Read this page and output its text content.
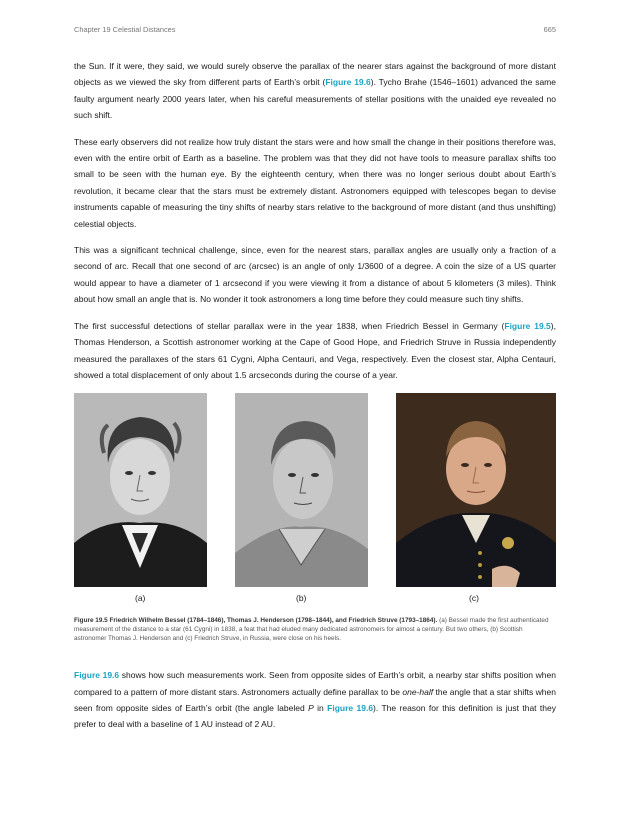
Chapter 19 Celestial Distances	665

the Sun. If it were, they said, we would surely observe the parallax of the nearer stars against the background of more distant objects as we viewed the sky from different parts of Earth’s orbit (Figure 19.6). Tycho Brahe (1546–1601) advanced the same faulty argument nearly 2000 years later, when his careful measurements of stellar positions with the unaided eye revealed no such shift.

These early observers did not realize how truly distant the stars were and how small the change in their positions therefore was, even with the entire orbit of Earth as a baseline. The problem was that they did not have tools to measure parallax shifts too small to be seen with the human eye. By the eighteenth century, when there was no longer serious doubt about Earth’s revolution, it became clear that the stars must be extremely distant. Astronomers equipped with telescopes began to devise instruments capable of measuring the tiny shifts of nearby stars relative to the background of more distant (and thus unshifting) celestial objects.

This was a significant technical challenge, since, even for the nearest stars, parallax angles are usually only a fraction of a second of arc. Recall that one second of arc (arcsec) is an angle of only 1/3600 of a degree. A coin the size of a US quarter would appear to have a diameter of 1 arcsecond if you were viewing it from a distance of about 5 kilometers (3 miles). Think about how small an angle that is. No wonder it took astronomers a long time before they could measure such tiny shifts.

The first successful detections of stellar parallax were in the year 1838, when Friedrich Bessel in Germany (Figure 19.5), Thomas Henderson, a Scottish astronomer working at the Cape of Good Hope, and Friedrich Struve in Russia independently measured the parallaxes of the stars 61 Cygni, Alpha Centauri, and Vega, respectively. Even the closest star, Alpha Centauri, showed a total displacement of only about 1.5 arcseconds during the course of a year.

(a)	(b)	(c)
Figure 19.5 Friedrich Wilhelm Bessel (1784–1846), Thomas J. Henderson (1798–1844), and Friedrich Struve (1793–1864). (a) Bessel made the first authenticated measurement of the distance to a star (61 Cygni) in 1838, a feat that had eluded many dedicated astronomers for almost a century. But two others, (b) Scottish astronomer Thomas J. Henderson and (c) Friedrich Struve, in Russia, were close on his heels.

Figure 19.6 shows how such measurements work. Seen from opposite sides of Earth’s orbit, a nearby star shifts position when compared to a pattern of more distant stars. Astronomers actually define parallax to be one-half the angle that a star shifts when seen from opposite sides of Earth’s orbit (the angle labeled P in Figure 19.6). The reason for this definition is just that they prefer to deal with a baseline of 1 AU instead of 2 AU.
